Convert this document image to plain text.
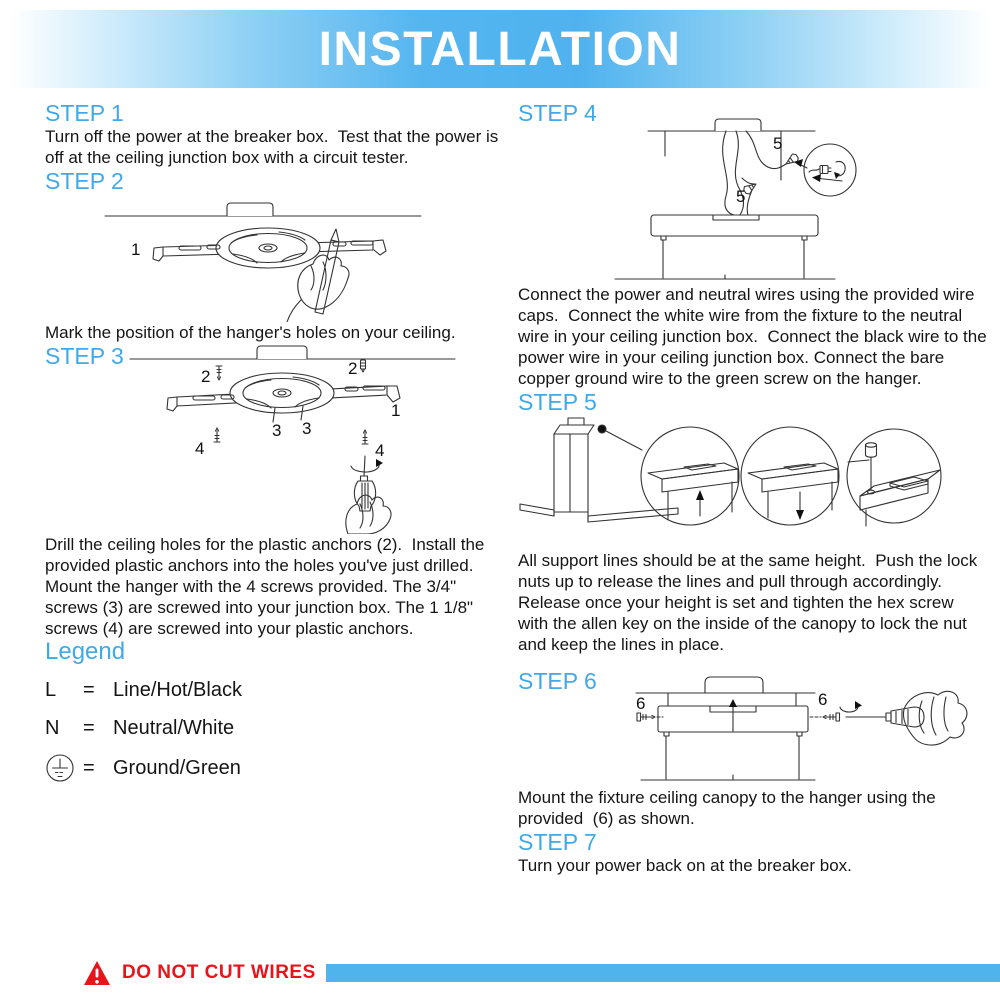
INSTALLATION
STEP 1

Turn off the power at the breaker box.  Test that the power is off at the ceiling junction box with a circuit tester.

STEP 2
1

Mark the position of the hanger's holes on your ceiling.

STEP 3
2	2
3 3
4	4
1

Drill the ceiling holes for the plastic anchors (2).  Install the provided plastic anchors into the holes you've just drilled.  Mount the hanger with the 4 screws provided. The 3/4" screws (3) are screwed into your junction box. The 1 1/8" screws (4) are screwed into your plastic anchors.

Legend
L	= Line/Hot/Black
N	= Neutral/White
= Ground/Green
STEP 4
5
5

Connect the power and neutral wires using the provided wire caps.  Connect the white wire from the fixture to the neutral wire in your ceiling junction box.  Connect the black wire to the power wire in your ceiling junction box. Connect the bare copper ground wire to the green screw on the hanger.

STEP 5

All support lines should be at the same height.  Push the lock nuts up to release the lines and pull through accordingly.  Release once your height is set and tighten the hex screw with the allen key on the inside of the canopy to lock the nut and keep the lines in place.

STEP 6
6	6

Mount the fixture ceiling canopy to the hanger using the provided  (6) as shown.

STEP 7

Turn your power back on at the breaker box.

DO NOT CUT WIRES
